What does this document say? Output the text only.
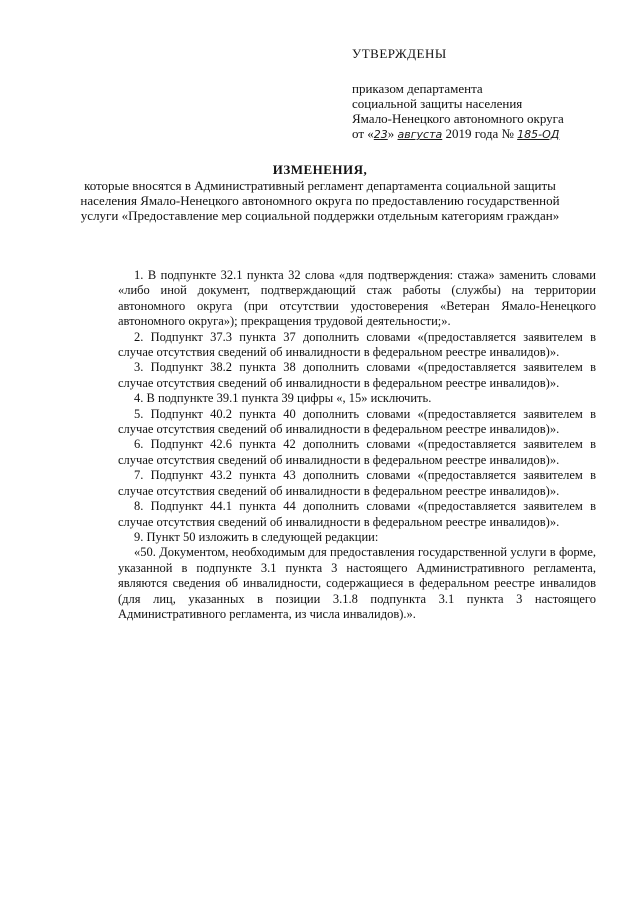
УТВЕРЖДЕНЫ
приказом департамента
социальной защиты населения
Ямало-Ненецкого автономного округа
от «23» августа 2019 года № 185-ОД
ИЗМЕНЕНИЯ,
которые вносятся в Административный регламент департамента социальной защиты населения Ямало-Ненецкого автономного округа по предоставлению государственной услуги «Предоставление мер социальной поддержки отдельным категориям граждан»

1. В подпункте 32.1 пункта 32 слова «для подтверждения: стажа» заменить словами «либо иной документ, подтверждающий стаж работы (службы) на территории автономного округа (при отсутствии удостоверения «Ветеран Ямало-Ненецкого автономного округа»); прекращения трудовой деятельности;».

2. Подпункт 37.3 пункта 37 дополнить словами «(предоставляется заявителем в случае отсутствия сведений об инвалидности в федеральном реестре инвалидов)».

3. Подпункт 38.2 пункта 38 дополнить словами «(предоставляется заявителем в случае отсутствия сведений об инвалидности в федеральном реестре инвалидов)».

4. В подпункте 39.1 пункта 39 цифры «, 15» исключить.

5. Подпункт 40.2 пункта 40 дополнить словами «(предоставляется заявителем в случае отсутствия сведений об инвалидности в федеральном реестре инвалидов)».

6. Подпункт 42.6 пункта 42 дополнить словами «(предоставляется заявителем в случае отсутствия сведений об инвалидности в федеральном реестре инвалидов)».

7. Подпункт 43.2 пункта 43 дополнить словами «(предоставляется заявителем в случае отсутствия сведений об инвалидности в федеральном реестре инвалидов)».

8. Подпункт 44.1 пункта 44 дополнить словами «(предоставляется заявителем в случае отсутствия сведений об инвалидности в федеральном реестре инвалидов)».

9. Пункт 50 изложить в следующей редакции:

«50. Документом, необходимым для предоставления государственной услуги в форме, указанной в подпункте 3.1 пункта 3 настоящего Административного регламента, являются сведения об инвалидности, содержащиеся в федеральном реестре инвалидов (для лиц, указанных в позиции 3.1.8 подпункта 3.1 пункта 3 настоящего Административного регламента, из числа инвалидов).».
